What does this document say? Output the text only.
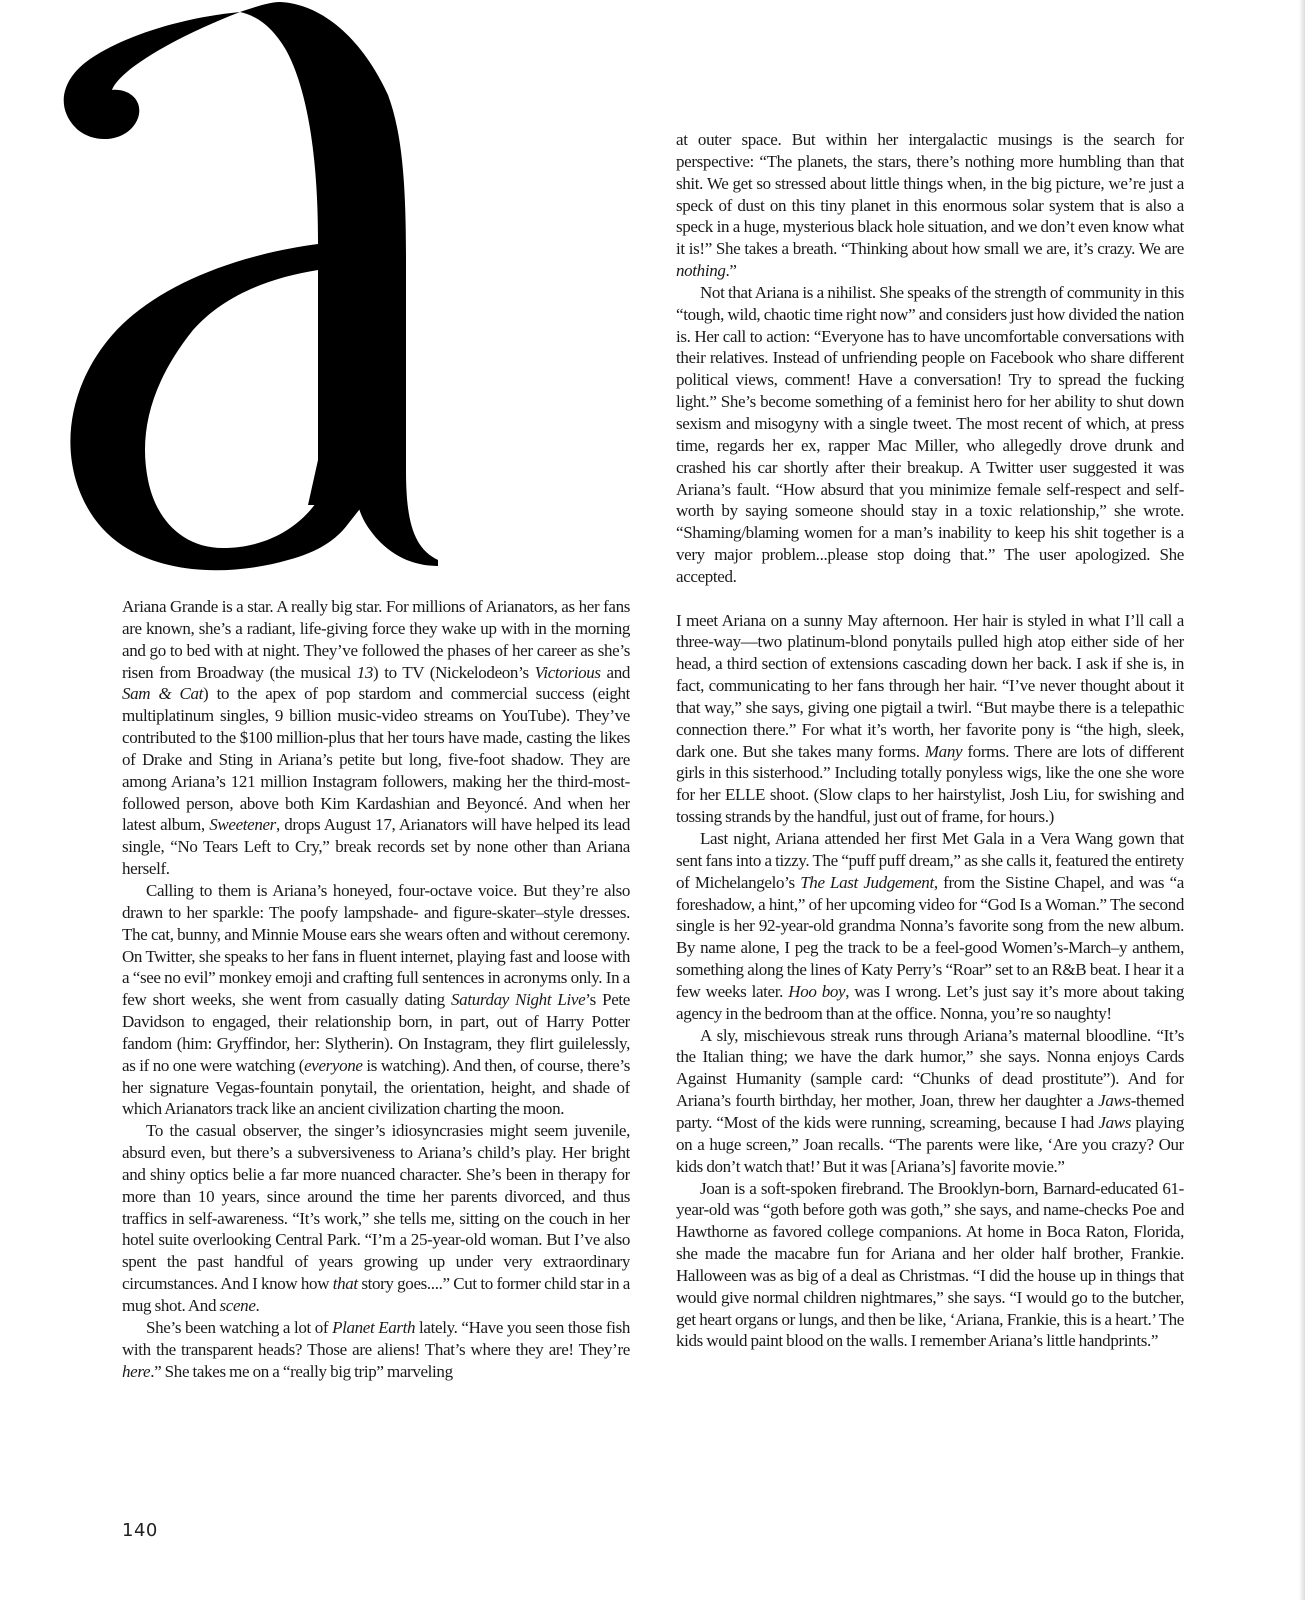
Ariana Grande is a star. A really big star. For millions of Arianators, as her fans are known, she’s a radiant, life-giving force they wake up with in the morning and go to bed with at night. They’ve followed the phases of her career as she’s risen from Broadway (the musical 13) to TV (Nickelodeon’s Victorious and Sam & Cat) to the apex of pop stardom and commercial success (eight multiplatinum singles, 9 billion music-video streams on YouTube). They’ve contributed to the $100 million-plus that her tours have made, casting the likes of Drake and Sting in Ariana’s petite but long, five-foot shadow. They are among Ariana’s 121 million Instagram followers, making her the third-most-followed person, above both Kim Kardashian and Beyoncé. And when her latest album, Sweetener, drops August 17, Arianators will have helped its lead single, “No Tears Left to Cry,” break records set by none other than Ariana herself.

Calling to them is Ariana’s honeyed, four-octave voice. But they’re also drawn to her sparkle: The poofy lampshade- and figure-skater–style dresses. The cat, bunny, and Minnie Mouse ears she wears often and without ceremony. On Twitter, she speaks to her fans in fluent internet, playing fast and loose with a “see no evil” monkey emoji and crafting full sentences in acronyms only. In a few short weeks, she went from casually dating Saturday Night Live’s Pete Davidson to engaged, their relationship born, in part, out of Harry Potter fandom (him: Gryffindor, her: Slytherin). On Instagram, they flirt guilelessly, as if no one were watching (everyone is watching). And then, of course, there’s her signature Vegas-fountain ponytail, the orientation, height, and shade of which Arianators track like an ancient civilization charting the moon.

To the casual observer, the singer’s idiosyncrasies might seem juvenile, absurd even, but there’s a subversiveness to Ariana’s child’s play. Her bright and shiny optics belie a far more nuanced character. She’s been in therapy for more than 10 years, since around the time her parents divorced, and thus traffics in self-awareness. “It’s work,” she tells me, sitting on the couch in her hotel suite overlooking Central Park. “I’m a 25-year-old woman. But I’ve also spent the past handful of years growing up under very extraordinary circumstances. And I know how that story goes....” Cut to former child star in a mug shot. And scene.

She’s been watching a lot of Planet Earth lately. “Have you seen those fish with the transparent heads? Those are aliens! That’s where they are! They’re here.” She takes me on a “really big trip” marveling

at outer space. But within her intergalactic musings is the search for perspective: “The planets, the stars, there’s nothing more humbling than that shit. We get so stressed about little things when, in the big picture, we’re just a speck of dust on this tiny planet in this enormous solar system that is also a speck in a huge, mysterious black hole situation, and we don’t even know what it is!” She takes a breath. “Thinking about how small we are, it’s crazy. We are nothing.”

Not that Ariana is a nihilist. She speaks of the strength of community in this “tough, wild, chaotic time right now” and considers just how divided the nation is. Her call to action: “Everyone has to have uncomfortable conversations with their relatives. Instead of unfriending people on Facebook who share different political views, comment! Have a conversation! Try to spread the fucking light.” She’s become something of a feminist hero for her ability to shut down sexism and misogyny with a single tweet. The most recent of which, at press time, regards her ex, rapper Mac Miller, who allegedly drove drunk and crashed his car shortly after their breakup. A Twitter user suggested it was Ariana’s fault. “How absurd that you minimize female self-respect and self-worth by saying someone should stay in a toxic relationship,” she wrote. “Shaming/blaming women for a man’s inability to keep his shit together is a very major problem...please stop doing that.” The user apologized. She accepted.

I meet Ariana on a sunny May afternoon. Her hair is styled in what I’ll call a three-way—two platinum-blond ponytails pulled high atop either side of her head, a third section of extensions cascading down her back. I ask if she is, in fact, communicating to her fans through her hair. “I’ve never thought about it that way,” she says, giving one pigtail a twirl. “But maybe there is a telepathic connection there.” For what it’s worth, her favorite pony is “the high, sleek, dark one. But she takes many forms. Many forms. There are lots of different girls in this sisterhood.” Including totally ponyless wigs, like the one she wore for her ELLE shoot. (Slow claps to her hairstylist, Josh Liu, for swishing and tossing strands by the handful, just out of frame, for hours.)

Last night, Ariana attended her first Met Gala in a Vera Wang gown that sent fans into a tizzy. The “puff puff dream,” as she calls it, featured the entirety of Michelangelo’s The Last Judgement, from the Sistine Chapel, and was “a foreshadow, a hint,” of her upcoming video for “God Is a Woman.” The second single is her 92-year-old grandma Nonna’s favorite song from the new album. By name alone, I peg the track to be a feel-good Women’s-March–y anthem, something along the lines of Katy Perry’s “Roar” set to an R&B beat. I hear it a few weeks later. Hoo boy, was I wrong. Let’s just say it’s more about taking agency in the bedroom than at the office. Nonna, you’re so naughty!

A sly, mischievous streak runs through Ariana’s maternal bloodline. “It’s the Italian thing; we have the dark humor,” she says. Nonna enjoys Cards Against Humanity (sample card: “Chunks of dead prostitute”). And for Ariana’s fourth birthday, her mother, Joan, threw her daughter a Jaws-themed party. “Most of the kids were running, screaming, because I had Jaws playing on a huge screen,” Joan recalls. “The parents were like, ‘Are you crazy? Our kids don’t watch that!’ But it was [Ariana’s] favorite movie.”

Joan is a soft-spoken firebrand. The Brooklyn-born, Barnard-educated 61-year-old was “goth before goth was goth,” she says, and name-checks Poe and Hawthorne as favored college companions. At home in Boca Raton, Florida, she made the macabre fun for Ariana and her older half brother, Frankie. Halloween was as big of a deal as Christmas. “I did the house up in things that would give normal children nightmares,” she says. “I would go to the butcher, get heart organs or lungs, and then be like, ‘Ariana, Frankie, this is a heart.’ The kids would paint blood on the walls. I remember Ariana’s little handprints.”

140
